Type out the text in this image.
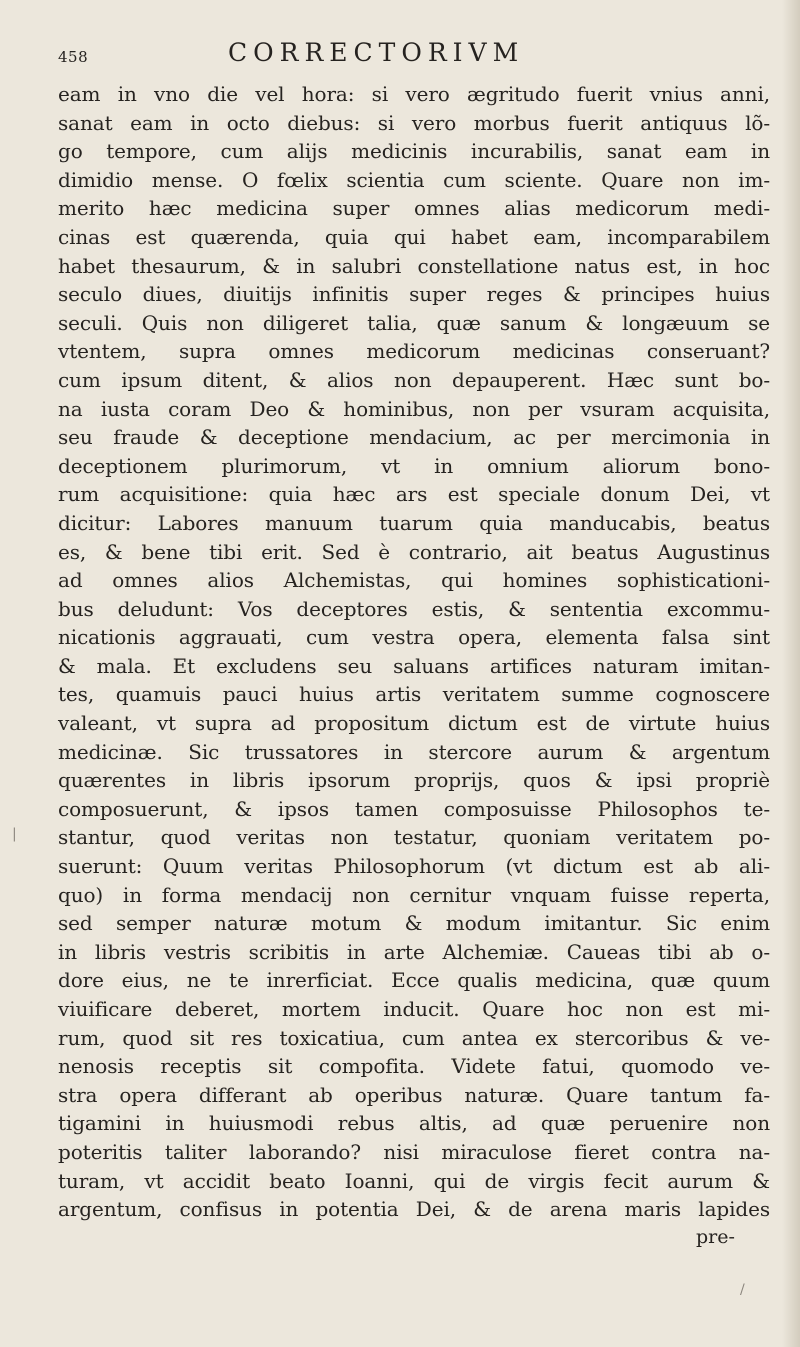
458	CORRECTORIVM
eam in vno die vel hora: si vero ægritudo fuerit vnius anni,
sanat eam in octo diebus: si vero morbus fuerit antiquus lõ-
go tempore, cum alijs medicinis incurabilis, sanat eam in
dimidio mense. O fœlix scientia cum sciente. Quare non im-
merito hæc medicina super omnes alias medicorum medi-
cinas est quærenda, quia qui habet eam, incomparabilem
habet thesaurum, & in salubri constellatione natus est, in hoc
seculo diues, diuitijs infinitis super reges & principes huius
seculi. Quis non diligeret talia, quæ sanum & longæuum se
vtentem, supra omnes medicorum medicinas conseruant?
cum ipsum ditent, & alios non depauperent. Hæc sunt bo-
na iusta coram Deo & hominibus, non per vsuram acquisita,
seu fraude & deceptione mendacium, ac per mercimonia in
deceptionem plurimorum, vt in omnium aliorum bono-
rum acquisitione: quia hæc ars est speciale donum Dei, vt
dicitur: Labores manuum tuarum quia manducabis, beatus
es, & bene tibi erit. Sed è contrario, ait beatus Augustinus
ad omnes alios Alchemistas, qui homines sophisticationi-
bus deludunt: Vos deceptores estis, & sententia excommu-
nicationis aggrauati, cum vestra opera, elementa falsa sint
& mala. Et excludens seu saluans artifices naturam imitan-
tes, quamuis pauci huius artis veritatem summe cognoscere
valeant, vt supra ad propositum dictum est de virtute huius
medicinæ. Sic trussatores in stercore aurum & argentum
quærentes in libris ipsorum proprijs, quos & ipsi propriè
composuerunt, & ipsos tamen composuisse Philosophos te-
stantur, quod veritas non testatur, quoniam veritatem po-
suerunt: Quum veritas Philosophorum (vt dictum est ab ali-
quo) in forma mendacij non cernitur vnquam fuisse reperta,
sed semper naturæ motum & modum imitantur. Sic enim
in libris vestris scribitis in arte Alchemiæ. Caueas tibi ab o-
dore eius, ne te inrerficiat. Ecce qualis medicina, quæ quum
viuificare deberet, mortem inducit. Quare hoc non est mi-
rum, quod sit res toxicatiua, cum antea ex stercoribus & ve-
nenosis receptis sit compofita. Videte fatui, quomodo ve-
stra opera differant ab operibus naturæ. Quare tantum fa-
tigamini in huiusmodi rebus altis, ad quæ peruenire non
poteritis taliter laborando? nisi miraculose fieret contra na-
turam, vt accidit beato Ioanni, qui de virgis fecit aurum &
argentum, confisus in potentia Dei, & de arena maris lapides
pre-
|
/
